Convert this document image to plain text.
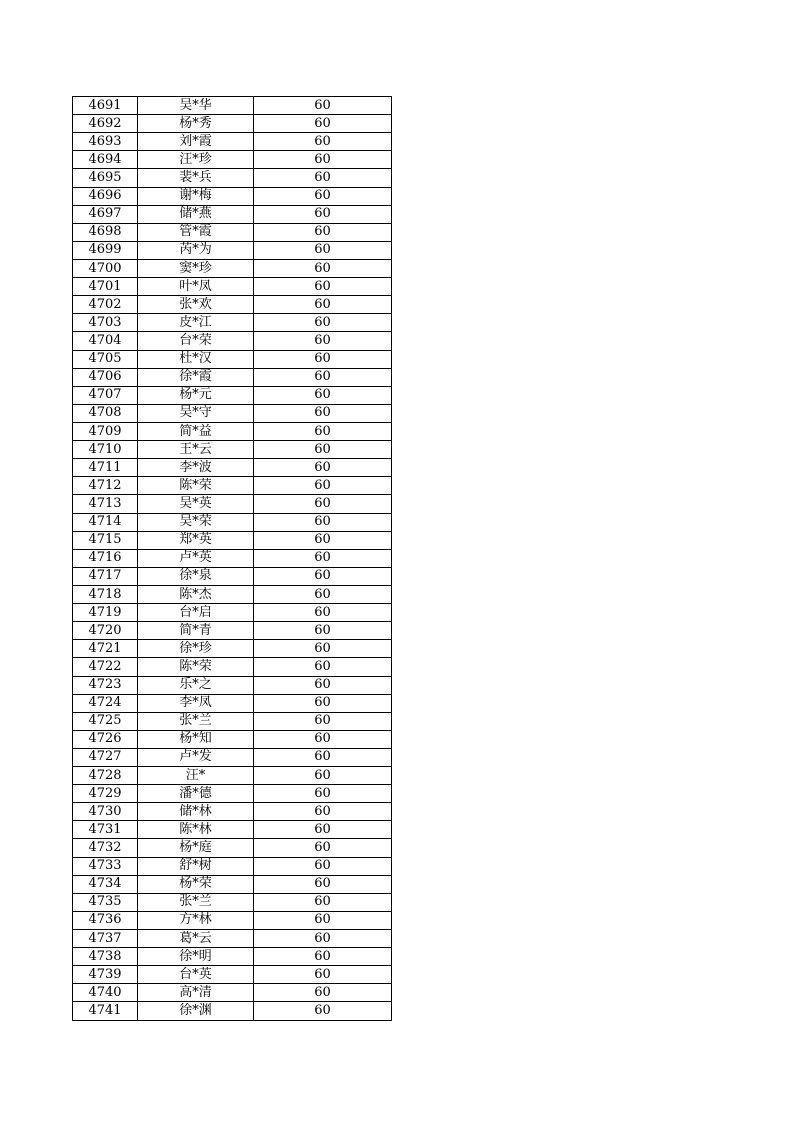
4691	吴*华	60
4692	杨*秀	60
4693	刘*霞	60
4694	汪*珍	60
4695	裴*兵	60
4696	谢*梅	60
4697	储*燕	60
4698	管*霞	60
4699	芮*为	60
4700	窦*珍	60
4701	叶*凤	60
4702	张*欢	60
4703	皮*江	60
4704	台*荣	60
4705	杜*汉	60
4706	徐*霞	60
4707	杨*元	60
4708	吴*守	60
4709	简*益	60
4710	王*云	60
4711	李*波	60
4712	陈*荣	60
4713	吴*英	60
4714	吴*荣	60
4715	郑*英	60
4716	卢*英	60
4717	徐*泉	60
4718	陈*杰	60
4719	台*启	60
4720	简*青	60
4721	徐*珍	60
4722	陈*荣	60
4723	乐*之	60
4724	李*凤	60
4725	张*兰	60
4726	杨*知	60
4727	卢*发	60
4728	汪*	60
4729	潘*德	60
4730	储*林	60
4731	陈*林	60
4732	杨*庭	60
4733	舒*树	60
4734	杨*荣	60
4735	张*兰	60
4736	方*林	60
4737	葛*云	60
4738	徐*明	60
4739	台*英	60
4740	高*清	60
4741	徐*渊	60
